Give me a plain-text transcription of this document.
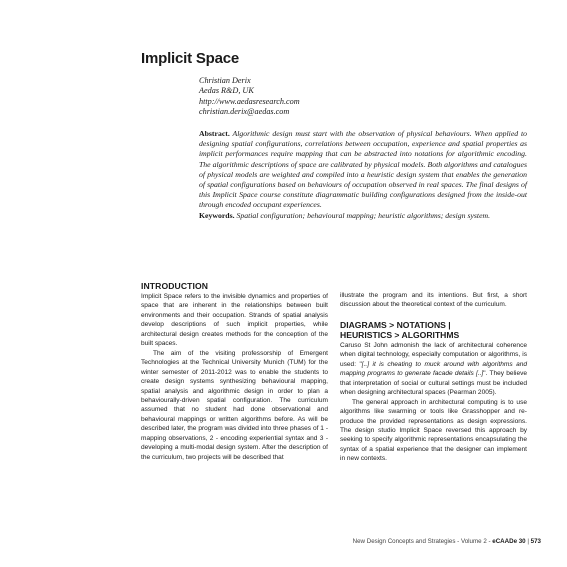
Implicit Space
Christian Derix
Aedas R&D, UK
http://www.aedasresearch.com
christian.derix@aedas.com
Abstract. Algorithmic design must start with the observation of physical behaviours. When applied to designing spatial configurations, correlations between occupation, experience and spatial properties as implicit performances require mapping that can be abstracted into notations for algorithmic encoding. The algorithmic descriptions of space are calibrated by physical models. Both algorithms and catalogues of physical models are weighted and compiled into a heuristic design system that enables the generation of spatial configurations based on behaviours of occupation observed in real spaces. The final designs of this Implicit Space course constitute diagrammatic building configurations designed from the inside-out through encoded occupant experiences.
Keywords. Spatial configuration; behavioural mapping; heuristic algorithms; design system.
INTRODUCTION

Implicit Space refers to the invisible dynamics and properties of space that are inherent in the relationships between built environments and their occupation. Strands of spatial analysis develop descriptions of such implicit properties, while architectural design creates methods for the conception of the built spaces.

The aim of the visiting professorship of Emergent Technologies at the Technical University Munich (TUM) for the winter semester of 2011-2012 was to enable the students to create design systems synthesizing behavioural mapping, spatial analysis and algorithmic design in order to plan a behaviourally-driven spatial configuration. The curriculum assumed that no student had done observational and behavioural mappings or written algorithms before. As will be described later, the program was divided into three phases of 1 - mapping observations, 2 - encoding experiential syntax and 3 - developing a multi-modal design system. After the description of the curriculum, two projects will be described that

illustrate the program and its intentions. But first, a short discussion about the theoretical context of the curriculum.

DIAGRAMS > NOTATIONS |
HEURISTICS > ALGORITHMS

Caruso St John admonish the lack of architectural coherence when digital technology, especially computation or algorithms, is used: "[..] it is cheating to muck around with algorithms and mapping programs to generate facade details [..]". They believe that interpretation of social or cultural settings must be included when designing architectural spaces (Pearman 2005).

The general approach in architectural computing is to use algorithms like swarming or tools like Grasshopper and re-produce the provided representations as design expressions. The design studio Implicit Space reversed this approach by seeking to specify algorithmic representations encapsulating the syntax of a spatial experience that the designer can implement in new contexts.

New Design Concepts and Strategies - Volume 2 - eCAADe 30 | 573
